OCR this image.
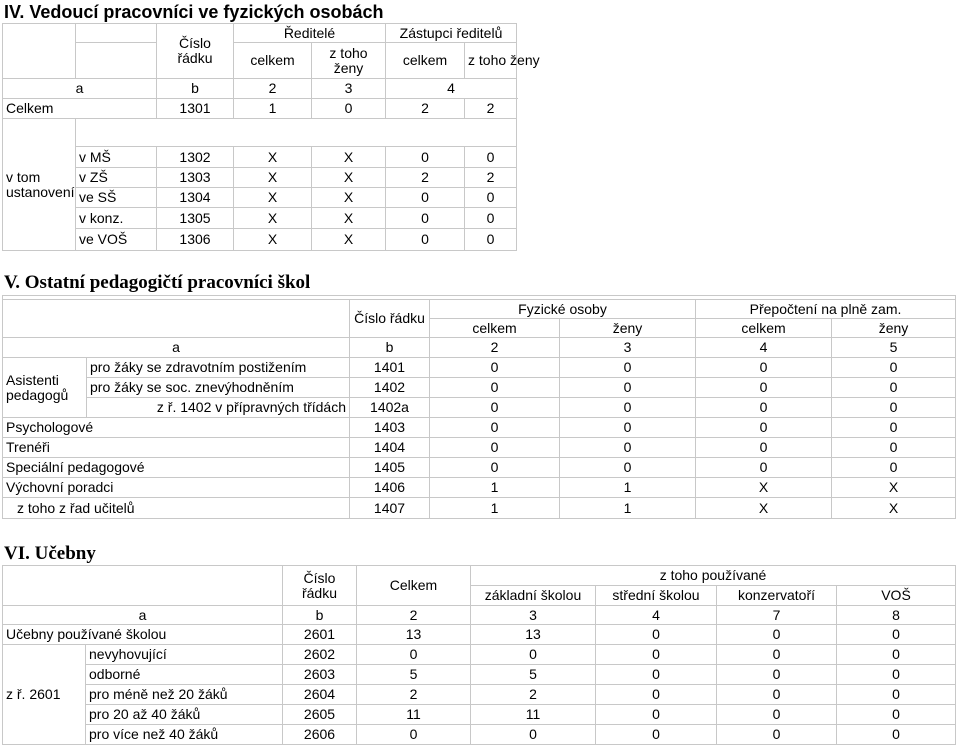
IV. Vedoucí pracovníci ve fyzických osobách
		Číslo řádku	Ředitelé		Zástupci ředitelů	
			celkem	z toho ženy	celkem	z toho ženy
a		b	2	3	4	

Celkem		1301	1	0	2	2
v tom ustanovení						
	v MŠ	1302	X	X	0	0
	v ZŠ	1303	X	X	2	2
	ve SŠ	1304	X	X	0	0
	v konz.	1305	X	X	0	0
	ve VOŠ	1306	X	X	0	0
V. Ostatní pedagogičtí pracovníci škol

		Číslo řádku	Fyzické osoby		Přepočtení na plně zam.	
			celkem	ženy	celkem	ženy
a		b	2	3	4	5
Asistenti pedagogů	pro žáky se zdravotním postižením	1401	0	0	0	0
	pro žáky se soc. znevýhodněním	1402	0	0	0	0
	z ř. 1402 v přípravných třídách	1402a	0	0	0	0
Psychologové		1403	0	0	0	0
Trenéři		1404	0	0	0	0
Speciální pedagogové		1405	0	0	0	0
Výchovní poradci		1406	1	1	X	X
z toho z řad učitelů		1407	1	1	X	X
VI. Učebny
		Číslo řádku	Celkem	z toho používané			
				základní školou	střední školou	konzervatoří	VOŠ
a		b	2	3	4	7	8
Učebny používané školou		2601	13	13	0	0	0
z ř. 2601	nevyhovující	2602	0	0	0	0	0
	odborné	2603	5	5	0	0	0
	pro méně než 20 žáků	2604	2	2	0	0	0
	pro 20 až 40 žáků	2605	11	11	0	0	0
	pro více než 40 žáků	2606	0	0	0	0	0
